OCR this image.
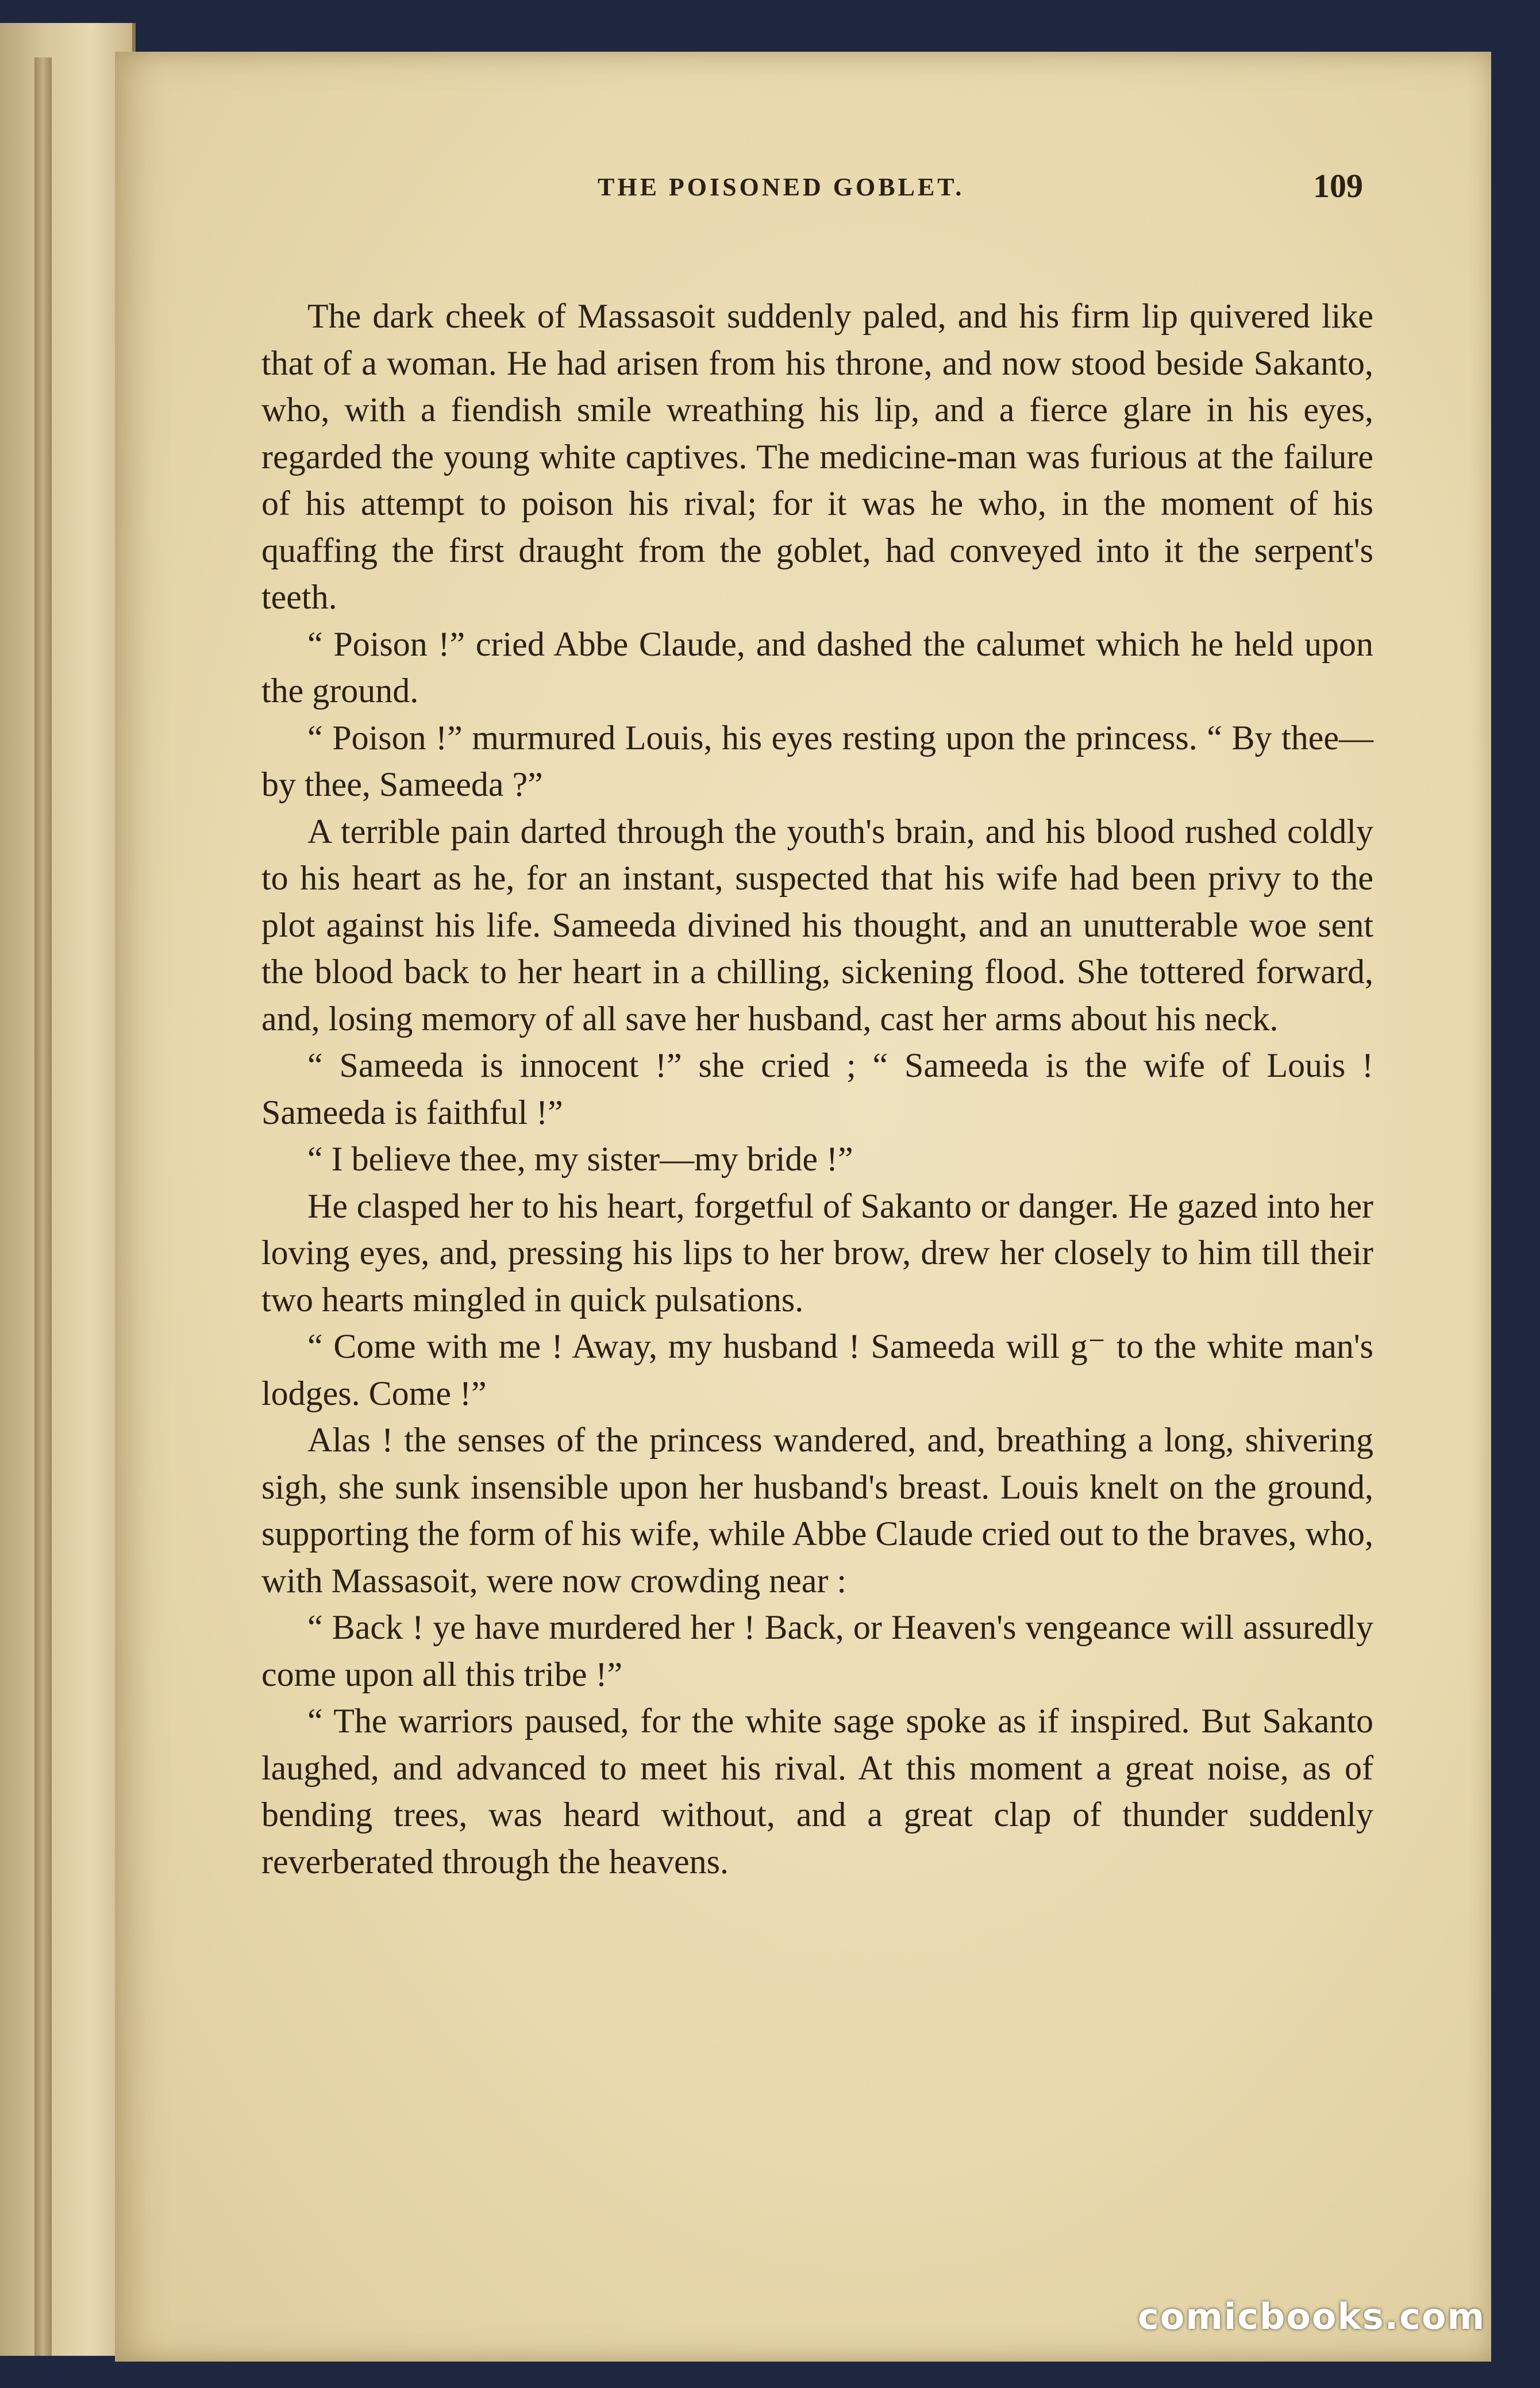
THE POISONED GOBLET.	109

The dark cheek of Massasoit suddenly paled, and his firm lip quivered like that of a woman. He had arisen from his throne, and now stood beside Sakanto, who, with a fiendish smile wreathing his lip, and a fierce glare in his eyes, regarded the young white captives. The medicine-man was furious at the failure of his attempt to poison his rival; for it was he who, in the moment of his quaffing the first draught from the goblet, had conveyed into it the serpent's teeth.

“ Poison !” cried Abbe Claude, and dashed the calumet which he held upon the ground.

“ Poison !” murmured Louis, his eyes resting upon the princess. “ By thee—by thee, Sameeda ?”

A terrible pain darted through the youth's brain, and his blood rushed coldly to his heart as he, for an instant, suspected that his wife had been privy to the plot against his life. Sameeda divined his thought, and an unutterable woe sent the blood back to her heart in a chilling, sickening flood. She tottered forward, and, losing memory of all save her husband, cast her arms about his neck.

“ Sameeda is innocent !” she cried ; “ Sameeda is the wife of Louis ! Sameeda is faithful !”

“ I believe thee, my sister—my bride !”

He clasped her to his heart, forgetful of Sakanto or danger. He gazed into her loving eyes, and, pressing his lips to her brow, drew her closely to him till their two hearts mingled in quick pulsations.

“ Come with me ! Away, my husband ! Sameeda will g⁻ to the white man's lodges. Come !”

Alas ! the senses of the princess wandered, and, breathing a long, shivering sigh, she sunk insensible upon her husband's breast. Louis knelt on the ground, supporting the form of his wife, while Abbe Claude cried out to the braves, who, with Massasoit, were now crowding near :

“ Back ! ye have murdered her ! Back, or Heaven's vengeance will assuredly come upon all this tribe !”

“ The warriors paused, for the white sage spoke as if inspired. But Sakanto laughed, and advanced to meet his rival. At this moment a great noise, as of bending trees, was heard without, and a great clap of thunder suddenly reverberated through the heavens.

comicbooks.com
